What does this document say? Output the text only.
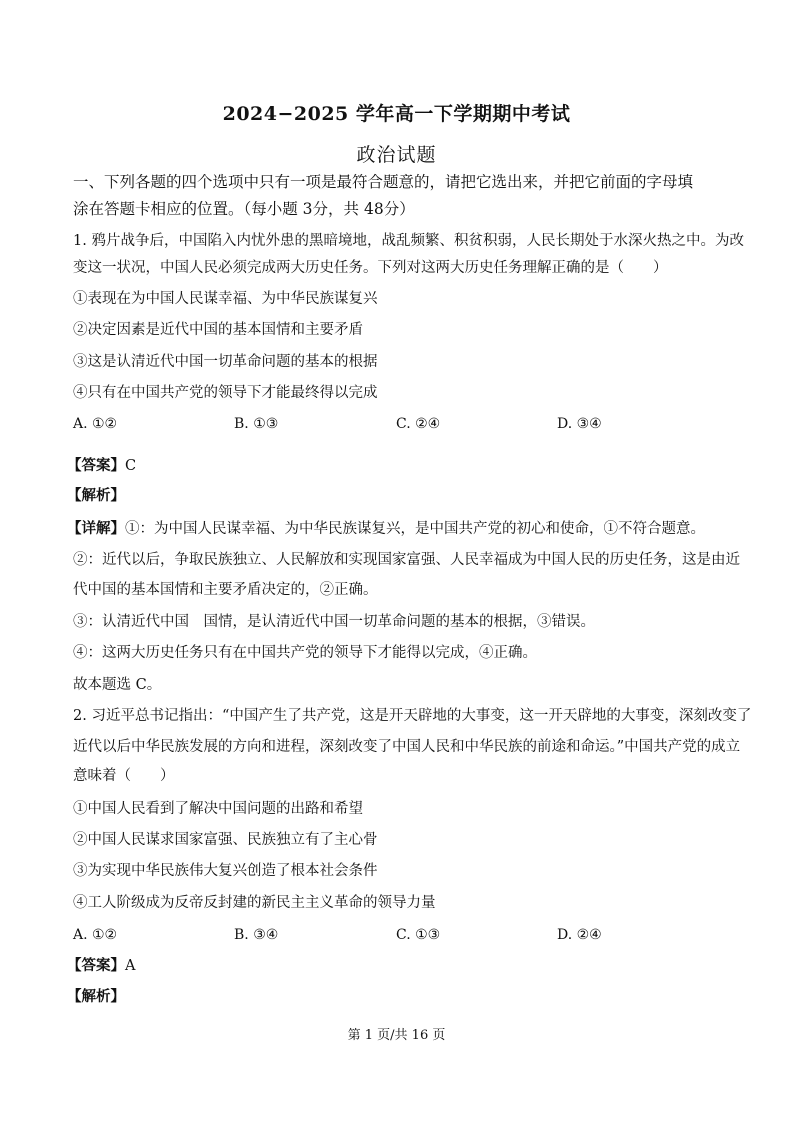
2024−2025 学年高一下学期期中考试
政治试题
一、下列各题的四个选项中只有一项是最符合题意的，请把它选出来，并把它前面的字母填
涂在答题卡相应的位置。（每小题 3分，共 48分）
1. 鸦片战争后，中国陷入内忧外患的黑暗境地，战乱频繁、积贫积弱，人民长期处于水深火热之中。为改
变这一状况，中国人民必须完成两大历史任务。下列对这两大历史任务理解正确的是（　　）
①表现在为中国人民谋幸福、为中华民族谋复兴
②决定因素是近代中国的基本国情和主要矛盾
③这是认清近代中国一切革命问题的基本的根据
④只有在中国共产党的领导下才能最终得以完成
A. ①②	B. ①③	C. ②④	D. ③④
【答案】C
【解析】
【详解】①：为中国人民谋幸福、为中华民族谋复兴，是中国共产党的初心和使命，①不符合题意。
②：近代以后，争取民族独立、人民解放和实现国家富强、人民幸福成为中国人民的历史任务，这是由近
代中国的基本国情和主要矛盾决定的，②正确。
③：认清近代中国　国情，是认清近代中国一切革命问题的基本的根据，③错误。
④：这两大历史任务只有在中国共产党的领导下才能得以完成，④正确。
故本题选 C。
2. 习近平总书记指出：“中国产生了共产党，这是开天辟地的大事变，这一开天辟地的大事变，深刻改变了
近代以后中华民族发展的方向和进程，深刻改变了中国人民和中华民族的前途和命运。”中国共产党的成立
意味着（　　）
①中国人民看到了解决中国问题的出路和希望
②中国人民谋求国家富强、民族独立有了主心骨
③为实现中华民族伟大复兴创造了根本社会条件
④工人阶级成为反帝反封建的新民主主义革命的领导力量
A. ①②	B. ③④	C. ①③	D. ②④
【答案】A
【解析】
第 1 页/共 16 页
